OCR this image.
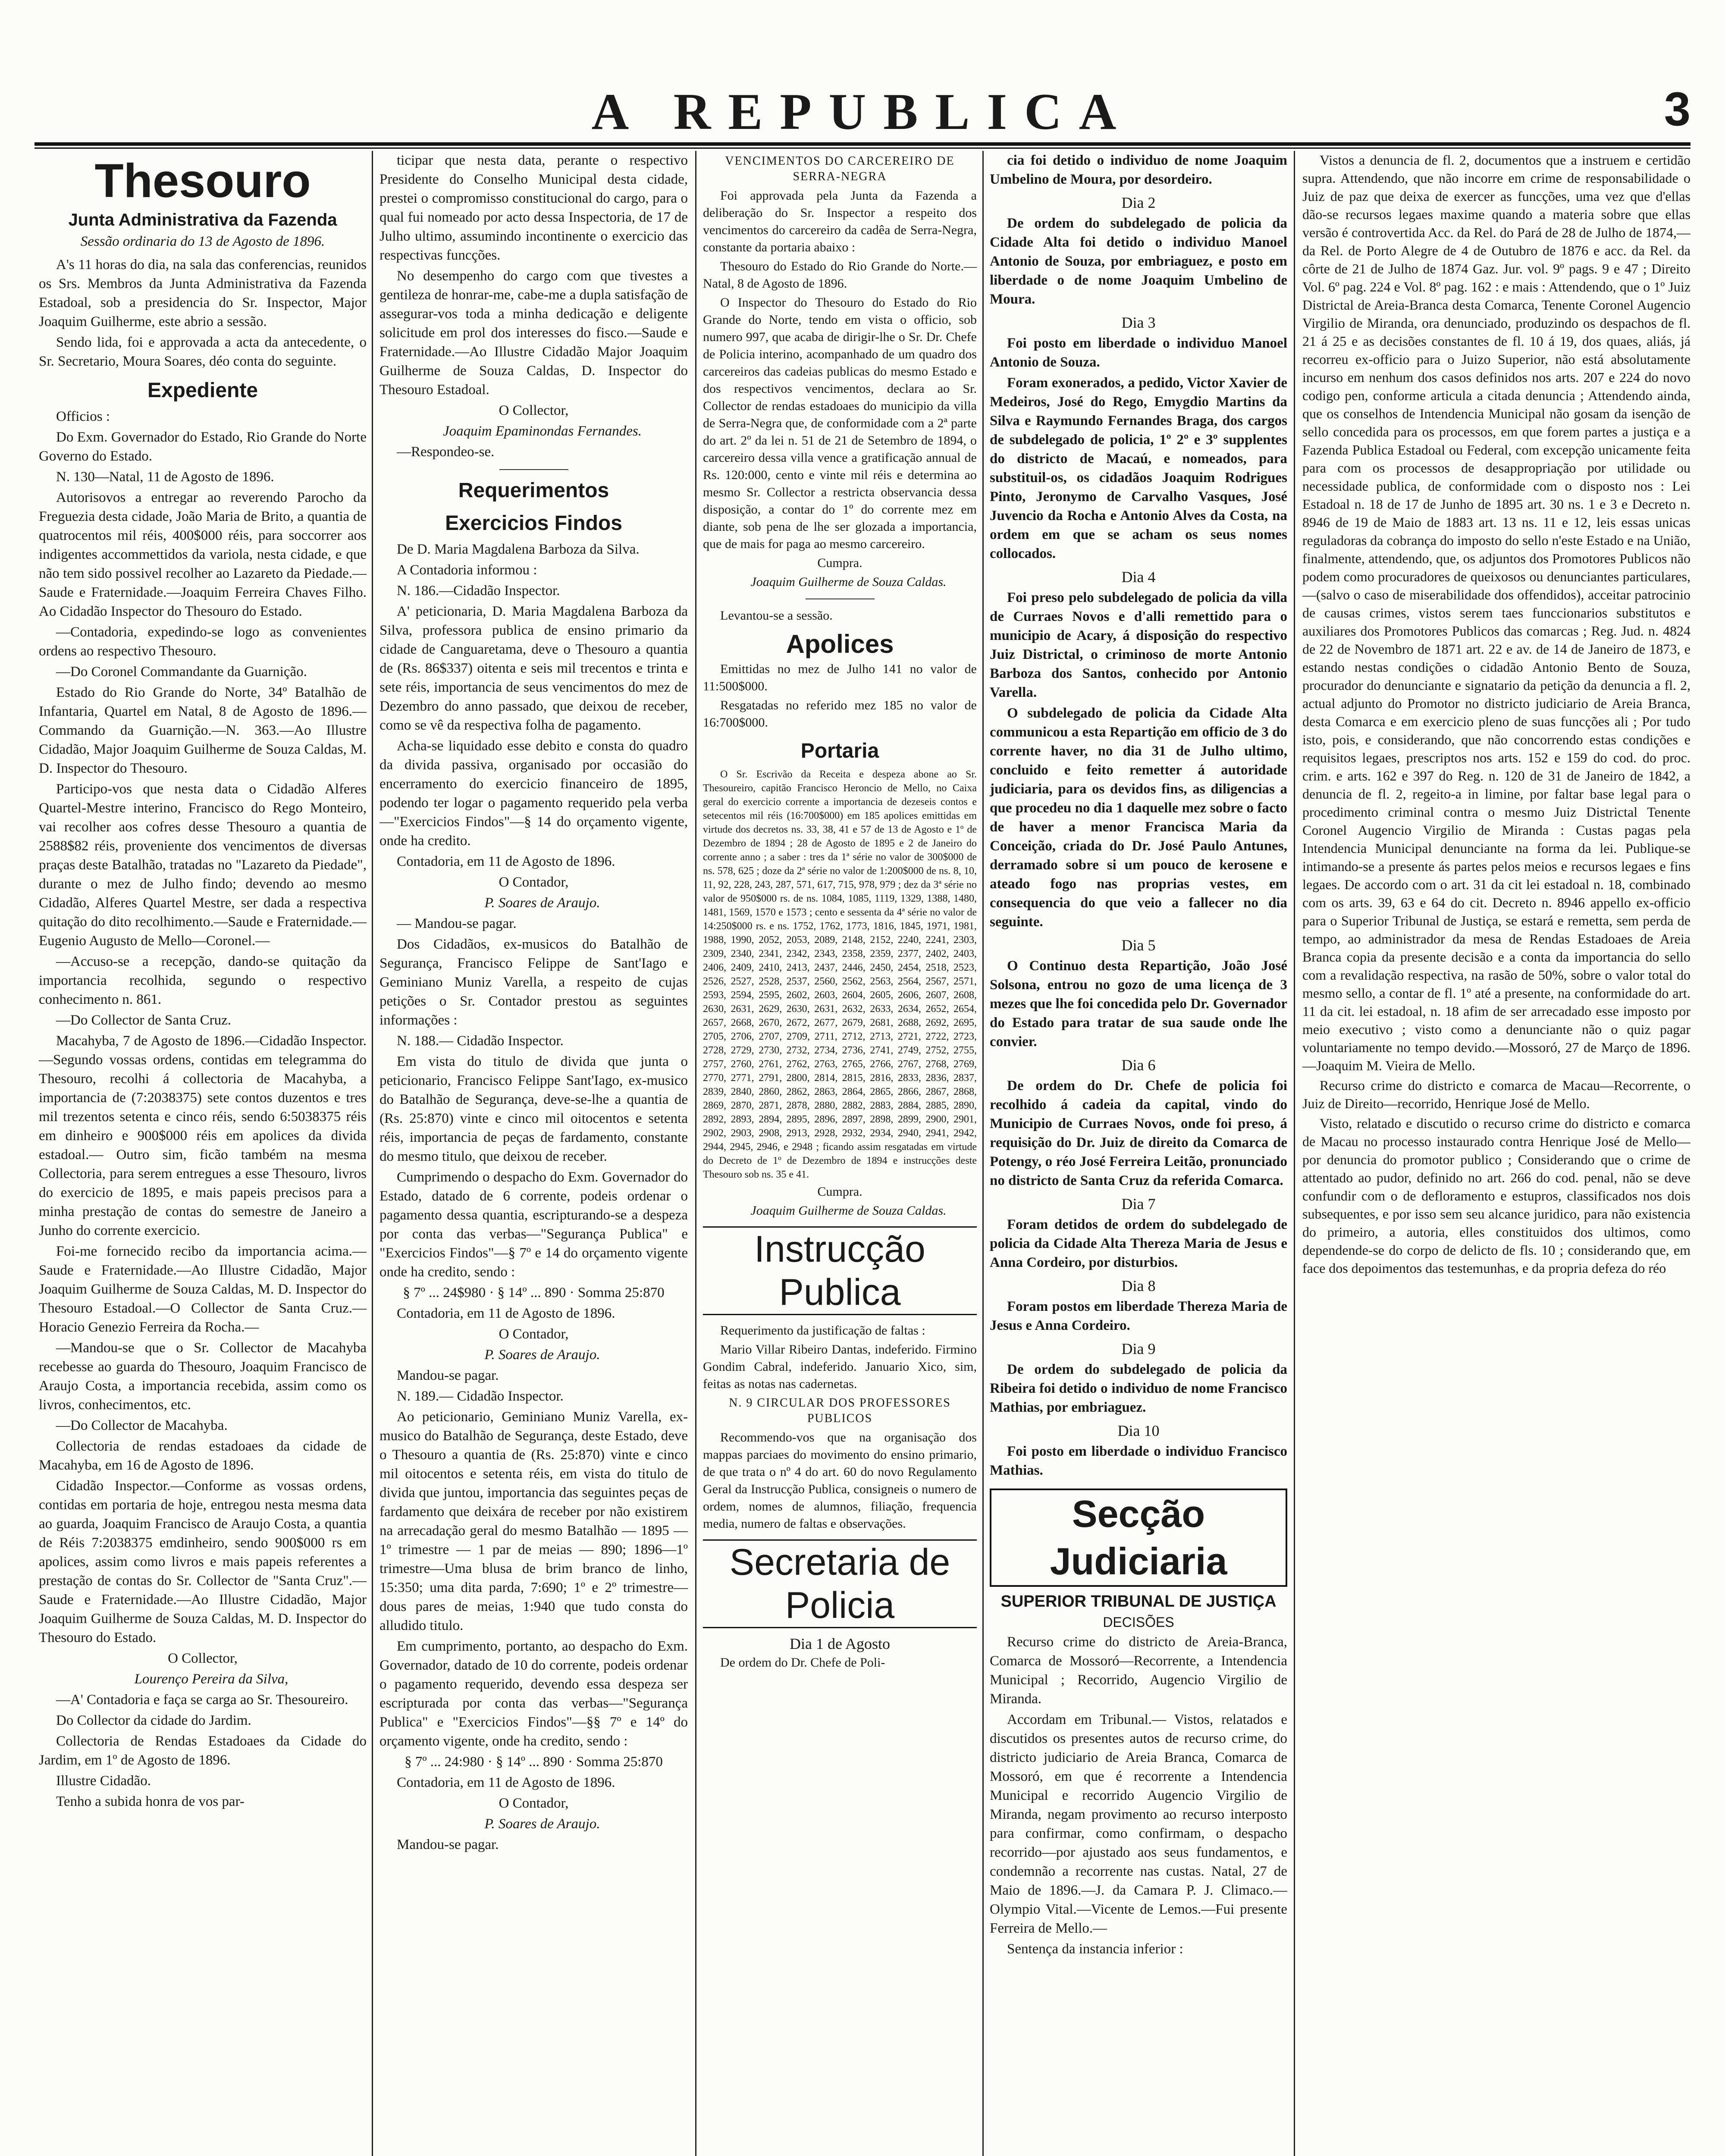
A REPUBLICA	3
Thesouro
Junta Administrativa da Fazenda
Sessão ordinaria do 13 de Agosto de 1896.

A's 11 horas do dia, na sala das conferencias, reunidos os Srs. Membros da Junta Administrativa da Fazenda Estadoal, sob a presidencia do Sr. Inspector, Major Joaquim Guilherme, este abrio a sessão.

Sendo lida, foi e approvada a acta da antecedente, o Sr. Secretario, Moura Soares, déo conta do seguinte.

Expediente

Officios :

Do Exm. Governador do Estado, Rio Grande do Norte Governo do Estado.

N. 130—Natal, 11 de Agosto de 1896.

Autorisovos a entregar ao reverendo Parocho da Freguezia desta cidade, João Maria de Brito, a quantia de quatrocentos mil réis, 400$000 réis, para soccorrer aos indigentes accommettidos da variola, nesta cidade, e que não tem sido possivel recolher ao Lazareto da Piedade.—Saude e Fraternidade.—Joaquim Ferreira Chaves Filho. Ao Cidadão Inspector do Thesouro do Estado.

—Contadoria, expedindo-se logo as convenientes ordens ao respectivo Thesouro.

—Do Coronel Commandante da Guarnição.

Estado do Rio Grande do Norte, 34º Batalhão de Infantaria, Quartel em Natal, 8 de Agosto de 1896.—Commando da Guarnição.—N. 363.—Ao Illustre Cidadão, Major Joaquim Guilherme de Souza Caldas, M. D. Inspector do Thesouro.

Participo-vos que nesta data o Cidadão Alferes Quartel-Mestre interino, Francisco do Rego Monteiro, vai recolher aos cofres desse Thesouro a quantia de 2588$82 réis, proveniente dos vencimentos de diversas praças deste Batalhão, tratadas no "Lazareto da Piedade", durante o mez de Julho findo; devendo ao mesmo Cidadão, Alferes Quartel Mestre, ser dada a respectiva quitação do dito recolhimento.—Saude e Fraternidade.—Eugenio Augusto de Mello—Coronel.—

—Accuso-se a recepção, dando-se quitação da importancia recolhida, segundo o respectivo conhecimento n. 861.

—Do Collector de Santa Cruz.

Macahyba, 7 de Agosto de 1896.—Cidadão Inspector.—Segundo vossas ordens, contidas em telegramma do Thesouro, recolhi á collectoria de Macahyba, a importancia de (7:2038375) sete contos duzentos e tres mil trezentos setenta e cinco réis, sendo 6:5038375 réis em dinheiro e 900$000 réis em apolices da divida estadoal.— Outro sim, ficão também na mesma Collectoria, para serem entregues a esse Thesouro, livros do exercicio de 1895, e mais papeis precisos para a minha prestação de contas do semestre de Janeiro a Junho do corrente exercicio.

Foi-me fornecido recibo da importancia acima.—Saude e Fraternidade.—Ao Illustre Cidadão, Major Joaquim Guilherme de Souza Caldas, M. D. Inspector do Thesouro Estadoal.—O Collector de Santa Cruz.—Horacio Genezio Ferreira da Rocha.—

—Mandou-se que o Sr. Collector de Macahyba recebesse ao guarda do Thesouro, Joaquim Francisco de Araujo Costa, a importancia recebida, assim como os livros, conhecimentos, etc.

—Do Collector de Macahyba.

Collectoria de rendas estadoaes da cidade de Macahyba, em 16 de Agosto de 1896.

Cidadão Inspector.—Conforme as vossas ordens, contidas em portaria de hoje, entregou nesta mesma data ao guarda, Joaquim Francisco de Araujo Costa, a quantia de Réis 7:2038375 emdinheiro, sendo 900$000 rs em apolices, assim como livros e mais papeis referentes a prestação de contas do Sr. Collector de "Santa Cruz".—Saude e Fraternidade.—Ao Illustre Cidadão, Major Joaquim Guilherme de Souza Caldas, M. D. Inspector do Thesouro do Estado.

O Collector,

Lourenço Pereira da Silva,

—A' Contadoria e faça se carga ao Sr. Thesoureiro.

Do Collector da cidade do Jardim.

Collectoria de Rendas Estadoaes da Cidade do Jardim, em 1º de Agosto de 1896.

Illustre Cidadão.

Tenho a subida honra de vos par-

ticipar que nesta data, perante o respectivo Presidente do Conselho Municipal desta cidade, prestei o compromisso constitucional do cargo, para o qual fui nomeado por acto dessa Inspectoria, de 17 de Julho ultimo, assumindo incontinente o exercicio das respectivas funcções.

No desempenho do cargo com que tivestes a gentileza de honrar-me, cabe-me a dupla satisfação de assegurar-vos toda a minha dedicação e deligente solicitude em prol dos interesses do fisco.—Saude e Fraternidade.—Ao Illustre Cidadão Major Joaquim Guilherme de Souza Caldas, D. Inspector do Thesouro Estadoal.

O Collector,

Joaquim Epaminondas Fernandes.

—Respondeo-se.

Requerimentos
Exercicios Findos

De D. Maria Magdalena Barboza da Silva.

A Contadoria informou :

N. 186.—Cidadão Inspector.

A' peticionaria, D. Maria Magdalena Barboza da Silva, professora publica de ensino primario da cidade de Canguaretama, deve o Thesouro a quantia de (Rs. 86$337) oitenta e seis mil trecentos e trinta e sete réis, importancia de seus vencimentos do mez de Dezembro do anno passado, que deixou de receber, como se vê da respectiva folha de pagamento.

Acha-se liquidado esse debito e consta do quadro da divida passiva, organisado por occasião do encerramento do exercicio financeiro de 1895, podendo ter logar o pagamento requerido pela verba—"Exercicios Findos"—§ 14 do orçamento vigente, onde ha credito.

Contadoria, em 11 de Agosto de 1896.

O Contador,

P. Soares de Araujo.

— Mandou-se pagar.

Dos Cidadãos, ex-musicos do Batalhão de Segurança, Francisco Felippe de Sant'Iago e Geminiano Muniz Varella, a respeito de cujas petições o Sr. Contador prestou as seguintes informações :

N. 188.— Cidadão Inspector.

Em vista do titulo de divida que junta o peticionario, Francisco Felippe Sant'Iago, ex-musico do Batalhão de Segurança, deve-se-lhe a quantia de (Rs. 25:870) vinte e cinco mil oitocentos e setenta réis, importancia de peças de fardamento, constante do mesmo titulo, que deixou de receber.

Cumprimendo o despacho do Exm. Governador do Estado, datado de 6 corrente, podeis ordenar o pagamento dessa quantia, escripturando-se a despeza por conta das verbas—"Segurança Publica" e "Exercicios Findos"—§ 7º e 14 do orçamento vigente onde ha credito, sendo :

§ 7º ... 24$980 · § 14º ... 890 · Somma 25:870

Contadoria, em 11 de Agosto de 1896.

O Contador,

P. Soares de Araujo.

Mandou-se pagar.

N. 189.— Cidadão Inspector.

Ao peticionario, Geminiano Muniz Varella, ex-musico do Batalhão de Segurança, deste Estado, deve o Thesouro a quantia de (Rs. 25:870) vinte e cinco mil oitocentos e setenta réis, em vista do titulo de divida que juntou, importancia das seguintes peças de fardamento que deixára de receber por não existirem na arrecadação geral do mesmo Batalhão — 1895 —1º trimestre — 1 par de meias — 890; 1896—1º trimestre—Uma blusa de brim branco de linho, 15:350; uma dita parda, 7:690; 1º e 2º trimestre—dous pares de meias, 1:940 que tudo consta do alludido titulo.

Em cumprimento, portanto, ao despacho do Exm. Governador, datado de 10 do corrente, podeis ordenar o pagamento requerido, devendo essa despeza ser escripturada por conta das verbas—"Segurança Publica" e "Exercicios Findos"—§§ 7º e 14º do orçamento vigente, onde ha credito, sendo :

§ 7º ... 24:980 · § 14º ... 890 · Somma 25:870

Contadoria, em 11 de Agosto de 1896.

O Contador,

P. Soares de Araujo.

Mandou-se pagar.

VENCIMENTOS DO CARCEREIRO DE SERRA-NEGRA

Foi approvada pela Junta da Fazenda a deliberação do Sr. Inspector a respeito dos vencimentos do carcereiro da cadêa de Serra-Negra, constante da portaria abaixo :

Thesouro do Estado do Rio Grande do Norte.—Natal, 8 de Agosto de 1896.

O Inspector do Thesouro do Estado do Rio Grande do Norte, tendo em vista o officio, sob numero 997, que acaba de dirigir-lhe o Sr. Dr. Chefe de Policia interino, acompanhado de um quadro dos carcereiros das cadeias publicas do mesmo Estado e dos respectivos vencimentos, declara ao Sr. Collector de rendas estadoaes do municipio da villa de Serra-Negra que, de conformidade com a 2ª parte do art. 2º da lei n. 51 de 21 de Setembro de 1894, o carcereiro dessa villa vence a gratificação annual de Rs. 120:000, cento e vinte mil réis e determina ao mesmo Sr. Collector a restricta observancia dessa disposição, a contar do 1º do corrente mez em diante, sob pena de lhe ser glozada a importancia, que de mais for paga ao mesmo carcereiro.

Cumpra.

Joaquim Guilherme de Souza Caldas.

Levantou-se a sessão.

Apolices

Emittidas no mez de Julho 141 no valor de 11:500$000.

Resgatadas no referido mez 185 no valor de 16:700$000.

Portaria

O Sr. Escrivão da Receita e despeza abone ao Sr. Thesoureiro, capitão Francisco Heroncio de Mello, no Caixa geral do exercicio corrente a importancia de dezeseis contos e setecentos mil réis (16:700$000) em 185 apolices emittidas em virtude dos decretos ns. 33, 38, 41 e 57 de 13 de Agosto e 1º de Dezembro de 1894 ; 28 de Agosto de 1895 e 2 de Janeiro do corrente anno ; a saber : tres da 1ª série no valor de 300$000 de ns. 578, 625 ; doze da 2ª série no valor de 1:200$000 de ns. 8, 10, 11, 92, 228, 243, 287, 571, 617, 715, 978, 979 ; dez da 3ª série no valor de 950$000 rs. de ns. 1084, 1085, 1119, 1329, 1388, 1480, 1481, 1569, 1570 e 1573 ; cento e sessenta da 4ª série no valor de 14:250$000 rs. e ns. 1752, 1762, 1773, 1816, 1845, 1971, 1981, 1988, 1990, 2052, 2053, 2089, 2148, 2152, 2240, 2241, 2303, 2309, 2340, 2341, 2342, 2343, 2358, 2359, 2377, 2402, 2403, 2406, 2409, 2410, 2413, 2437, 2446, 2450, 2454, 2518, 2523, 2526, 2527, 2528, 2537, 2560, 2562, 2563, 2564, 2567, 2571, 2593, 2594, 2595, 2602, 2603, 2604, 2605, 2606, 2607, 2608, 2630, 2631, 2629, 2630, 2631, 2632, 2633, 2634, 2652, 2654, 2657, 2668, 2670, 2672, 2677, 2679, 2681, 2688, 2692, 2695, 2705, 2706, 2707, 2709, 2711, 2712, 2713, 2721, 2722, 2723, 2728, 2729, 2730, 2732, 2734, 2736, 2741, 2749, 2752, 2755, 2757, 2760, 2761, 2762, 2763, 2765, 2766, 2767, 2768, 2769, 2770, 2771, 2791, 2800, 2814, 2815, 2816, 2833, 2836, 2837, 2839, 2840, 2860, 2862, 2863, 2864, 2865, 2866, 2867, 2868, 2869, 2870, 2871, 2878, 2880, 2882, 2883, 2884, 2885, 2890, 2892, 2893, 2894, 2895, 2896, 2897, 2898, 2899, 2900, 2901, 2902, 2903, 2908, 2913, 2928, 2932, 2934, 2940, 2941, 2942, 2944, 2945, 2946, e 2948 ; ficando assim resgatadas em virtude do Decreto de 1º de Dezembro de 1894 e instrucções deste Thesouro sob ns. 35 e 41.

Cumpra.

Joaquim Guilherme de Souza Caldas.

Instrucção Publica

Requerimento da justificação de faltas :

Mario Villar Ribeiro Dantas, indeferido. Firmino Gondim Cabral, indeferido. Januario Xico, sim, feitas as notas nas cadernetas.

N. 9 CIRCULAR DOS PROFESSORES PUBLICOS

Recommendo-vos que na organisação dos mappas parciaes do movimento do ensino primario, de que trata o nº 4 do art. 60 do novo Regulamento Geral da Instrucção Publica, consigneis o numero de ordem, nomes de alumnos, filiação, frequencia media, numero de faltas e observações.

Secretaria de Policia
Dia 1 de Agosto

De ordem do Dr. Chefe de Poli-

cia foi detido o individuo de nome Joaquim Umbelino de Moura, por desordeiro.

Dia 2

De ordem do subdelegado de policia da Cidade Alta foi detido o individuo Manoel Antonio de Souza, por embriaguez, e posto em liberdade o de nome Joaquim Umbelino de Moura.

Dia 3

Foi posto em liberdade o individuo Manoel Antonio de Souza.

Foram exonerados, a pedido, Victor Xavier de Medeiros, José do Rego, Emygdio Martins da Silva e Raymundo Fernandes Braga, dos cargos de subdelegado de policia, 1º 2º e 3º supplentes do districto de Macaú, e nomeados, para substituil-os, os cidadãos Joaquim Rodrigues Pinto, Jeronymo de Carvalho Vasques, José Juvencio da Rocha e Antonio Alves da Costa, na ordem em que se acham os seus nomes collocados.

Dia 4

Foi preso pelo subdelegado de policia da villa de Curraes Novos e d'alli remettido para o municipio de Acary, á disposição do respectivo Juiz Districtal, o criminoso de morte Antonio Barboza dos Santos, conhecido por Antonio Varella.

O subdelegado de policia da Cidade Alta communicou a esta Repartição em officio de 3 do corrente haver, no dia 31 de Julho ultimo, concluido e feito remetter á autoridade judiciaria, para os devidos fins, as diligencias a que procedeu no dia 1 daquelle mez sobre o facto de haver a menor Francisca Maria da Conceição, criada do Dr. José Paulo Antunes, derramado sobre si um pouco de kerosene e ateado fogo nas proprias vestes, em consequencia do que veio a fallecer no dia seguinte.

Dia 5

O Continuo desta Repartição, João José Solsona, entrou no gozo de uma licença de 3 mezes que lhe foi concedida pelo Dr. Governador do Estado para tratar de sua saude onde lhe convier.

Dia 6

De ordem do Dr. Chefe de policia foi recolhido á cadeia da capital, vindo do Municipio de Curraes Novos, onde foi preso, á requisição do Dr. Juiz de direito da Comarca de Potengy, o réo José Ferreira Leitão, pronunciado no districto de Santa Cruz da referida Comarca.

Dia 7

Foram detidos de ordem do subdelegado de policia da Cidade Alta Thereza Maria de Jesus e Anna Cordeiro, por disturbios.

Dia 8

Foram postos em liberdade Thereza Maria de Jesus e Anna Cordeiro.

Dia 9

De ordem do subdelegado de policia da Ribeira foi detido o individuo de nome Francisco Mathias, por embriaguez.

Dia 10

Foi posto em liberdade o individuo Francisco Mathias.

Secção Judiciaria
SUPERIOR TRIBUNAL DE JUSTIÇA
DECISÕES

Recurso crime do districto de Areia-Branca, Comarca de Mossoró—Recorrente, a Intendencia Municipal ; Recorrido, Augencio Virgilio de Miranda.

Accordam em Tribunal.— Vistos, relatados e discutidos os presentes autos de recurso crime, do districto judiciario de Areia Branca, Comarca de Mossoró, em que é recorrente a Intendencia Municipal e recorrido Augencio Virgilio de Miranda, negam provimento ao recurso interposto para confirmar, como confirmam, o despacho recorrido—por ajustado aos seus fundamentos, e condemnão a recorrente nas custas. Natal, 27 de Maio de 1896.—J. da Camara P. J. Climaco.—Olympio Vital.—Vicente de Lemos.—Fui presente Ferreira de Mello.—

Sentença da instancia inferior :

Vistos a denuncia de fl. 2, documentos que a instruem e certidão supra. Attendendo, que não incorre em crime de responsabilidade o Juiz de paz que deixa de exercer as funcções, uma vez que d'ellas dão-se recursos legaes maxime quando a materia sobre que ellas versão é controvertida Acc. da Rel. do Pará de 28 de Julho de 1874,—da Rel. de Porto Alegre de 4 de Outubro de 1876 e acc. da Rel. da côrte de 21 de Julho de 1874 Gaz. Jur. vol. 9º pags. 9 e 47 ; Direito Vol. 6º pag. 224 e Vol. 8º pag. 162 : e mais : Attendendo, que o 1º Juiz Districtal de Areia-Branca desta Comarca, Tenente Coronel Augencio Virgilio de Miranda, ora denunciado, produzindo os despachos de fl. 21 á 25 e as decisões constantes de fl. 10 á 19, dos quaes, aliás, já recorreu ex-officio para o Juizo Superior, não está absolutamente incurso em nenhum dos casos definidos nos arts. 207 e 224 do novo codigo pen, conforme articula a citada denuncia ; Attendendo ainda, que os conselhos de Intendencia Municipal não gosam da isenção de sello concedida para os processos, em que forem partes a justiça e a Fazenda Publica Estadoal ou Federal, com excepção unicamente feita para com os processos de desappropriação por utilidade ou necessidade publica, de conformidade com o disposto nos : Lei Estadoal n. 18 de 17 de Junho de 1895 art. 30 ns. 1 e 3 e Decreto n. 8946 de 19 de Maio de 1883 art. 13 ns. 11 e 12, leis essas unicas reguladoras da cobrança do imposto do sello n'este Estado e na União, finalmente, attendendo, que, os adjuntos dos Promotores Publicos não podem como procuradores de queixosos ou denunciantes particulares,—(salvo o caso de miserabilidade dos offendidos), acceitar patrocinio de causas crimes, vistos serem taes funccionarios substitutos e auxiliares dos Promotores Publicos das comarcas ; Reg. Jud. n. 4824 de 22 de Novembro de 1871 art. 22 e av. de 14 de Janeiro de 1873, e estando nestas condições o cidadão Antonio Bento de Souza, procurador do denunciante e signatario da petição da denuncia a fl. 2, actual adjunto do Promotor no districto judiciario de Areia Branca, desta Comarca e em exercicio pleno de suas funcções ali ; Por tudo isto, pois, e considerando, que não concorrendo estas condições e requisitos legaes, prescriptos nos arts. 152 e 159 do cod. do proc. crim. e arts. 162 e 397 do Reg. n. 120 de 31 de Janeiro de 1842, a denuncia de fl. 2, regeito-a in limine, por faltar base legal para o procedimento criminal contra o mesmo Juiz Districtal Tenente Coronel Augencio Virgilio de Miranda : Custas pagas pela Intendencia Municipal denunciante na forma da lei. Publique-se intimando-se a presente ás partes pelos meios e recursos legaes e fins legaes. De accordo com o art. 31 da cit lei estadoal n. 18, combinado com os arts. 39, 63 e 64 do cit. Decreto n. 8946 appello ex-officio para o Superior Tribunal de Justiça, se estará e remetta, sem perda de tempo, ao administrador da mesa de Rendas Estadoaes de Areia Branca copia da presente decisão e a conta da importancia do sello com a revalidação respectiva, na rasão de 50%, sobre o valor total do mesmo sello, a contar de fl. 1º até a presente, na conformidade do art. 11 da cit. lei estadoal, n. 18 afim de ser arrecadado esse imposto por meio executivo ; visto como a denunciante não o quiz pagar voluntariamente no tempo devido.—Mossoró, 27 de Março de 1896.—Joaquim M. Vieira de Mello.

Recurso crime do districto e comarca de Macau—Recorrente, o Juiz de Direito—recorrido, Henrique José de Mello.

Visto, relatado e discutido o recurso crime do districto e comarca de Macau no processo instaurado contra Henrique José de Mello—por denuncia do promotor publico ; Considerando que o crime de attentado ao pudor, definido no art. 266 do cod. penal, não se deve confundir com o de defloramento e estupros, classificados nos dois subsequentes, e por isso sem seu alcance juridico, para não existencia do primeiro, a autoria, elles constituidos dos ultimos, como dependende-se do corpo de delicto de fls. 10 ; considerando que, em face dos depoimentos das testemunhas, e da propria defeza do réo
